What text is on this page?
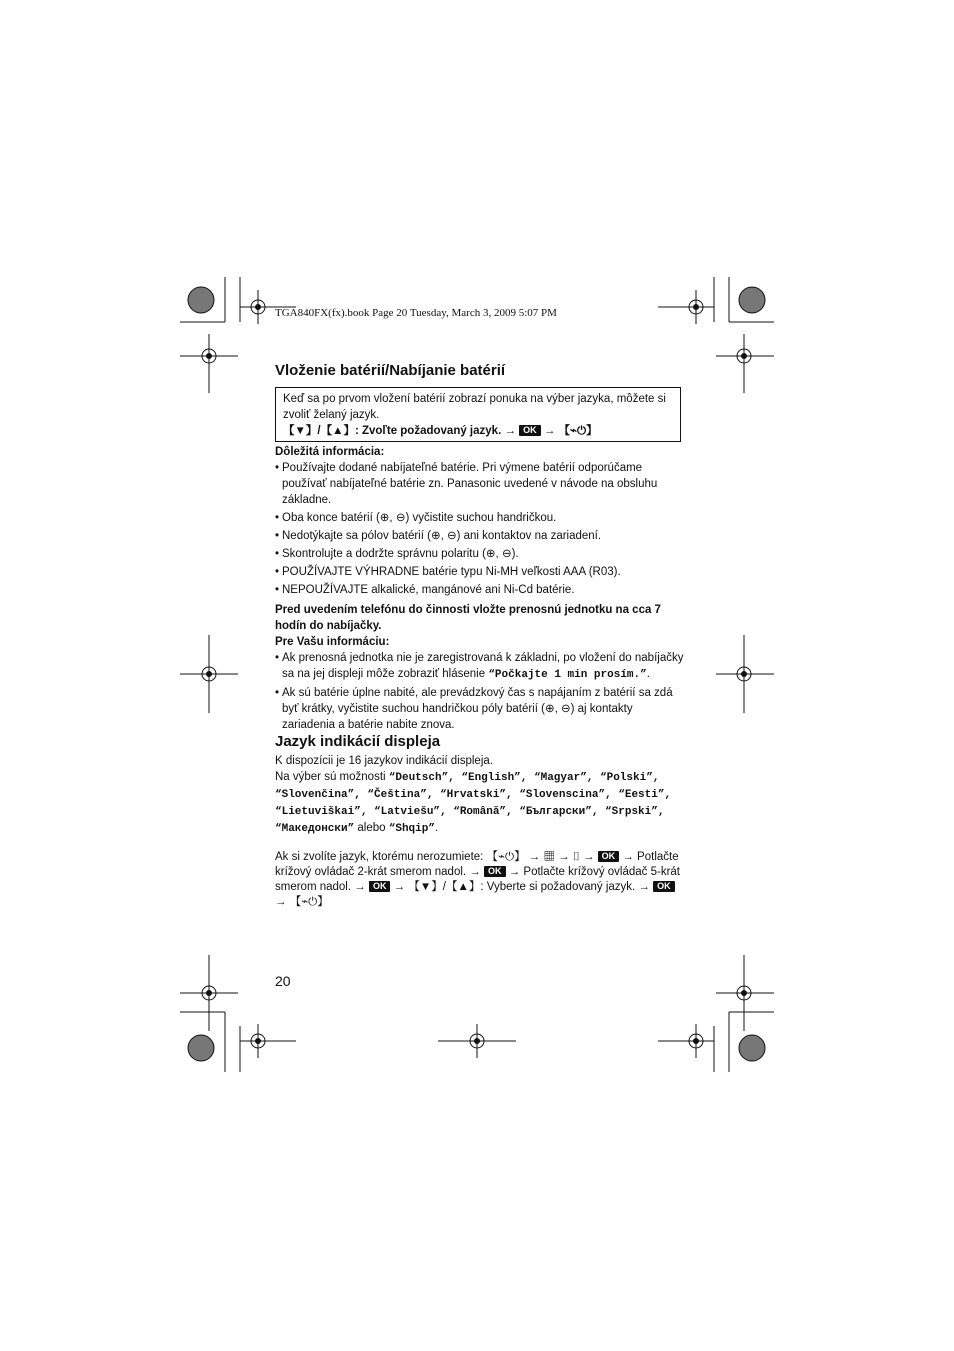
TGA840FX(fx).book Page 20 Tuesday, March 3, 2009 5:07 PM
Vloženie batérií/Nabíjanie batérií
Keď sa po prvom vložení batérií zobrazí ponuka na výber jazyka, môžete si zvoliť želaný jazyk.
【▼】/【▲】: Zvoľte požadovaný jazyk. → OK → 【⌁⏻】

Dôležitá informácia:

• Používajte dodané nabíjateľné batérie. Pri výmene batérií odporúčame používať nabíjateľné batérie zn. Panasonic uvedené v návode na obsluhu základne.
• Oba konce batérií (⊕, ⊖) vyčistite suchou handričkou.
• Nedotýkajte sa pólov batérií (⊕, ⊖) ani kontaktov na zariadení.
• Skontrolujte a dodržte správnu polaritu (⊕, ⊖).
• POUŽÍVAJTE VÝHRADNE batérie typu Ni-MH veľkosti AAA (R03).
• NEPOUŽÍVAJTE alkalické, mangánové ani Ni-Cd batérie.

Pred uvedením telefónu do činnosti vložte prenosnú jednotku na cca 7 hodín do nabíjačky.

Pre Vašu informáciu:

• Ak prenosná jednotka nie je zaregistrovaná k základni, po vložení do nabíjačky sa na jej displeji môže zobraziť hlásenie “Počkajte 1 min prosím.”.
• Ak sú batérie úplne nabité, ale prevádzkový čas s napájaním z batérií sa zdá byť krátky, vyčistite suchou handričkou póly batérií (⊕, ⊖) aj kontakty zariadenia a batérie nabite znova.
Jazyk indikácií displeja

K dispozícii je 16 jazykov indikácií displeja.

Na výber sú možnosti “Deutsch”, “English”, “Magyar”, “Polski”, “Slovenčina”, “Čeština”, “Hrvatski”, “Slovenscina”, “Eesti”, “Lietuviškai”, “Latviešu”, “Română”, “Български”, “Srpski”, “Македонски” alebo “Shqip”.

Ak si zvolíte jazyk, ktorému nerozumiete: 【⌁⏻】 → ▦ → ⌷ → OK → Potlačte krížový ovládač 2-krát smerom nadol. → OK → Potlačte krížový ovládač 5-krát smerom nadol. → OK → 【▼】/【▲】: Vyberte si požadovaný jazyk. → OK → 【⌁⏻】
20
